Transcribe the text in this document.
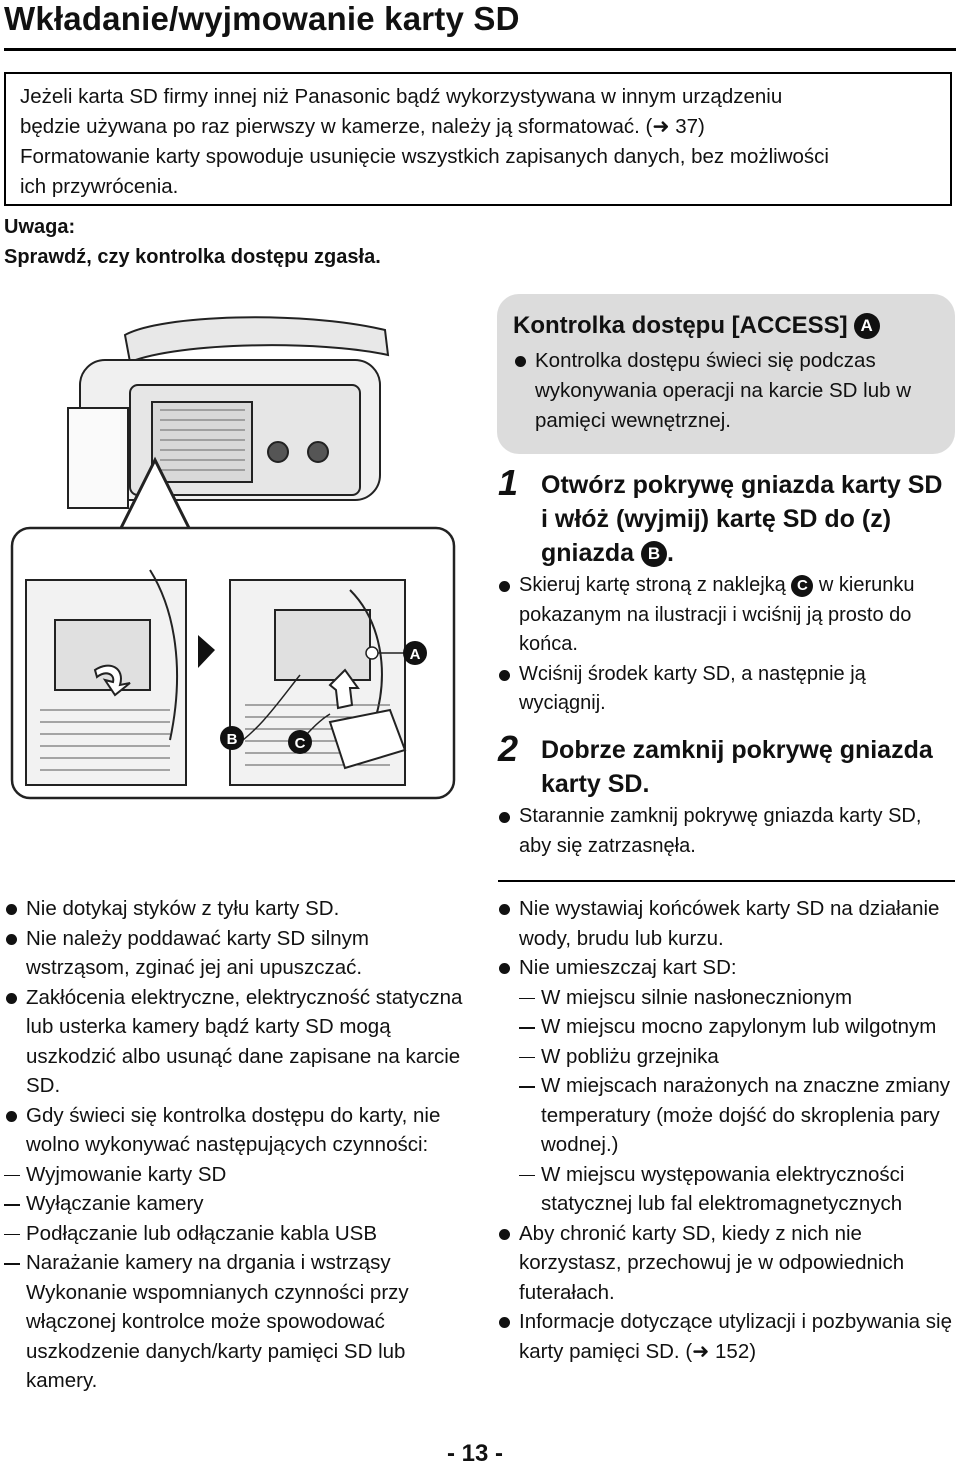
Wkładanie/wyjmowanie karty SD
Jeżeli karta SD firmy innej niż Panasonic bądź wykorzystywana w innym urządzeniu
będzie używana po raz pierwszy w kamerze, należy ją sformatować. (➜ 37)
Formatowanie karty spowoduje usunięcie wszystkich zapisanych danych, bez możliwości
ich przywrócenia.
Uwaga:
Sprawdź, czy kontrolka dostępu zgasła.
A
B	C
Kontrolka dostępu [ACCESS] A
Kontrolka dostępu świeci się podczas wykonywania operacji na karcie SD lub w pamięci wewnętrznej.
1 Otwórz pokrywę gniazda karty SD i włóż (wyjmij) kartę SD do (z) gniazda B .
Skieruj kartę stroną z naklejką C w kierunku pokazanym na ilustracji i wciśnij ją prosto do końca.
Wciśnij środek karty SD, a następnie ją wyciągnij.
2 Dobrze zamknij pokrywę gniazda karty SD.
Starannie zamknij pokrywę gniazda karty SD, aby się zatrzasnęła.
Nie dotykaj styków z tyłu karty SD.
Nie należy poddawać karty SD silnym wstrząsom, zginać jej ani upuszczać.
Zakłócenia elektryczne, elektryczność statyczna lub usterka kamery bądź karty SD mogą uszkodzić albo usunąć dane zapisane na karcie SD.
Gdy świeci się kontrolka dostępu do karty, nie wolno wykonywać następujących czynności:
Wyjmowanie karty SD
Wyłączanie kamery
Podłączanie lub odłączanie kabla USB
Narażanie kamery na drgania i wstrząsy
Wykonanie wspomnianych czynności przy włączonej kontrolce może spowodować uszkodzenie danych/karty pamięci SD lub kamery.
Nie wystawiaj końcówek karty SD na działanie wody, brudu lub kurzu.
Nie umieszczaj kart SD:
W miejscu silnie nasłonecznionym
W miejscu mocno zapylonym lub wilgotnym
W pobliżu grzejnika
W miejscach narażonych na znaczne zmiany temperatury (może dojść do skroplenia pary wodnej.)
W miejscu występowania elektryczności statycznej lub fal elektromagnetycznych
Aby chronić karty SD, kiedy z nich nie korzystasz, przechowuj je w odpowiednich futerałach.
Informacje dotyczące utylizacji i pozbywania się karty pamięci SD. (➜ 152)
- 13 -
